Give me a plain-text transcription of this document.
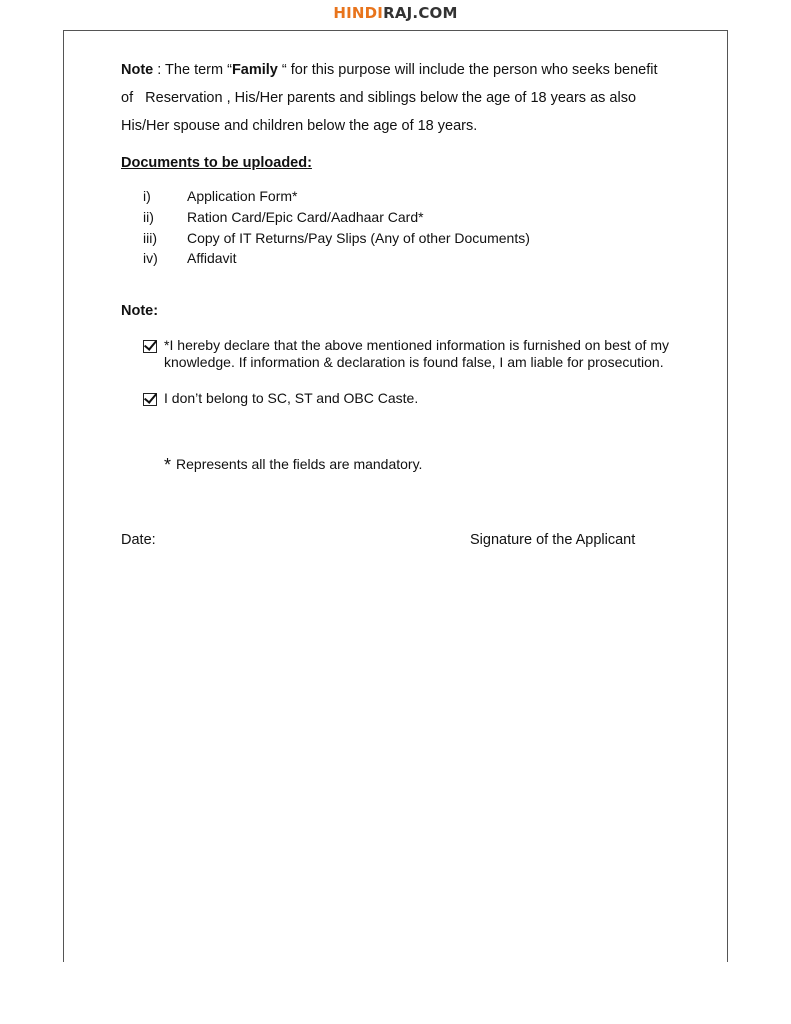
HINDIRAJ.COM
Note : The term “Family “ for this purpose will include the person who seeks benefit
of   Reservation , His/Her parents and siblings below the age of 18 years as also
His/Her spouse and children below the age of 18 years.
Documents to be uploaded:
i)	Application Form*
ii) Ration Card/Epic Card/Aadhaar Card*
iii) Copy of IT Returns/Pay Slips (Any of other Documents)
iv) Affidavit
Note:
*I hereby declare that the above mentioned information is furnished on best of my knowledge. If information & declaration is found false, I am liable for prosecution.
I don’t belong to SC, ST and OBC Caste.
* Represents all the fields are mandatory.
Date:	Signature of the Applicant
